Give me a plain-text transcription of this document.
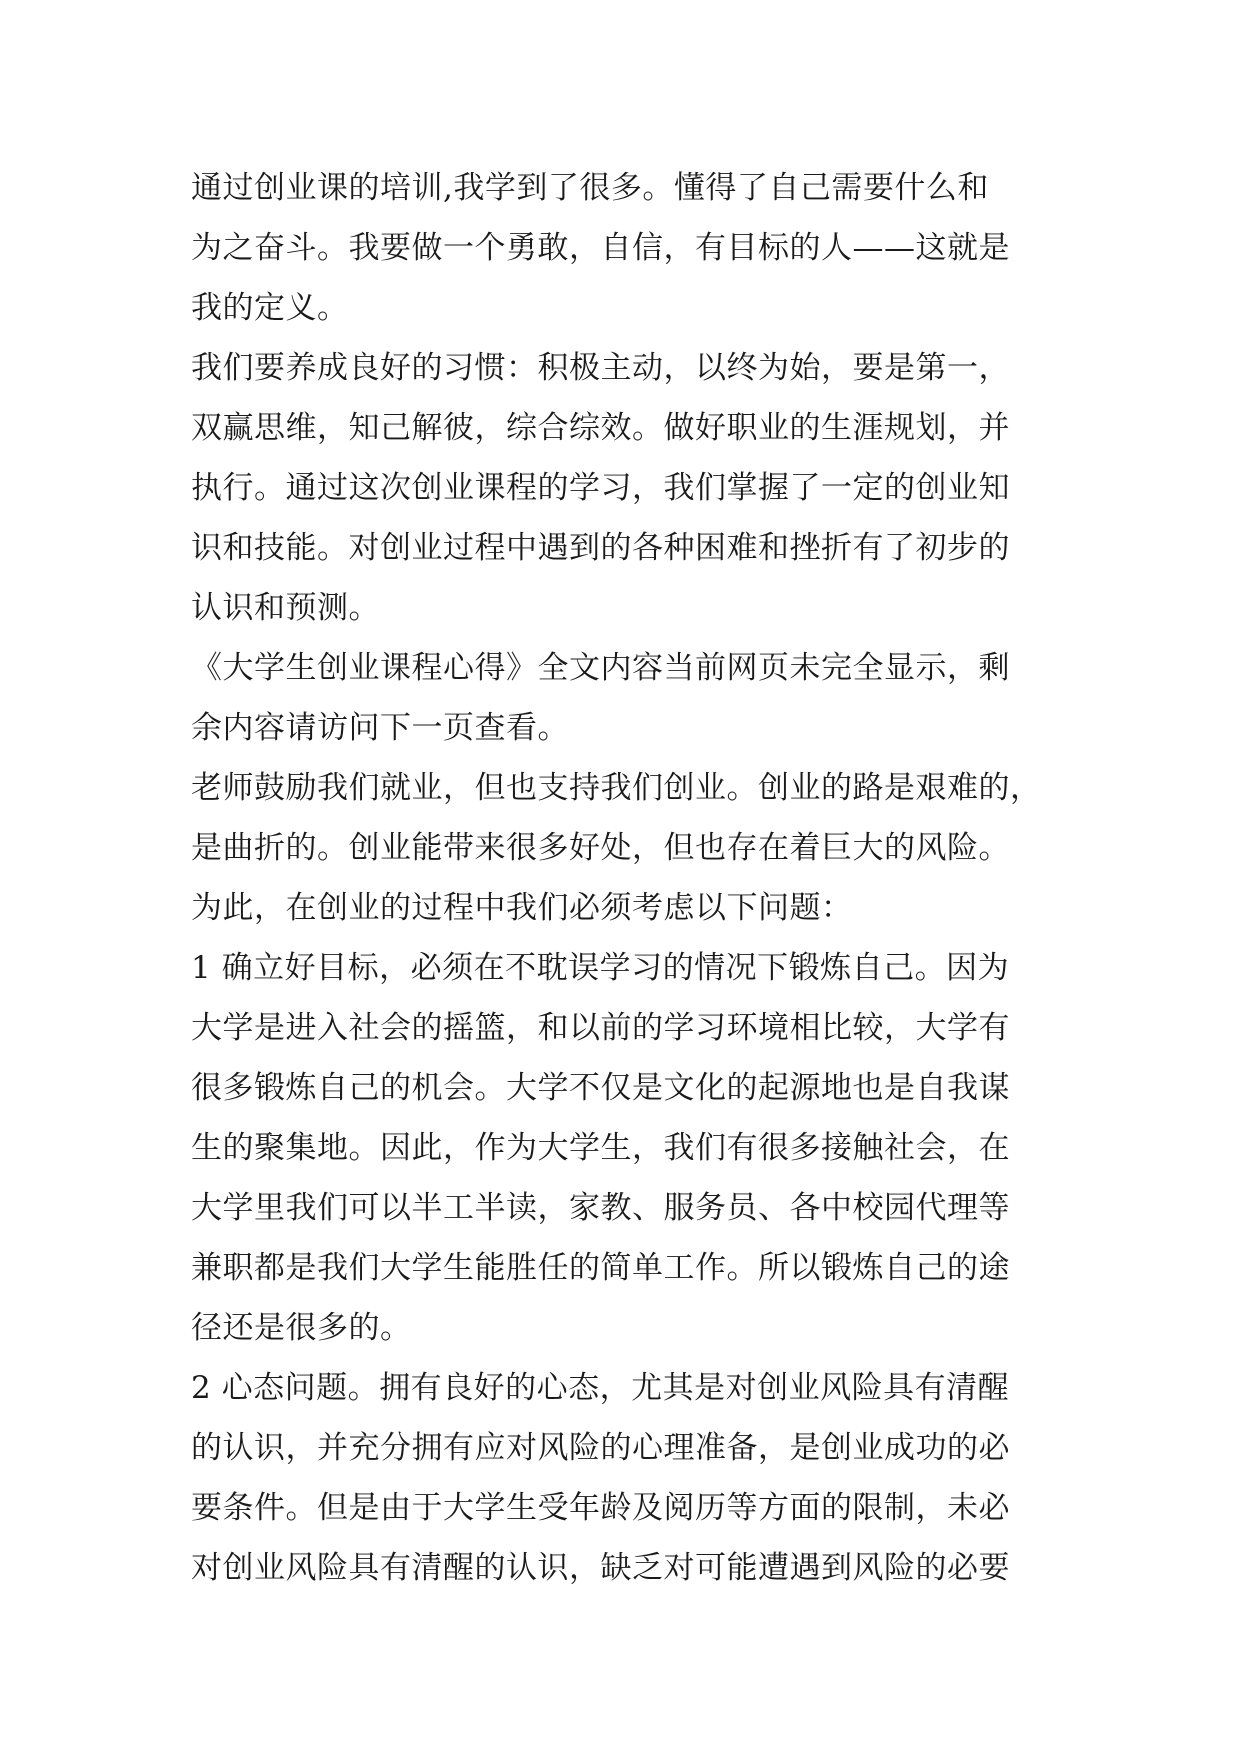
通过创业课的培训,我学到了很多。懂得了自己需要什么和
为之奋斗。我要做一个勇敢，自信，有目标的人——这就是
我的定义。
我们要养成良好的习惯：积极主动，以终为始，要是第一，
双赢思维，知己解彼，综合综效。做好职业的生涯规划，并
执行。通过这次创业课程的学习，我们掌握了一定的创业知
识和技能。对创业过程中遇到的各种困难和挫折有了初步的
认识和预测。
《大学生创业课程心得》全文内容当前网页未完全显示，剩
余内容请访问下一页查看。
老师鼓励我们就业，但也支持我们创业。创业的路是艰难的，
是曲折的。创业能带来很多好处，但也存在着巨大的风险。
为此，在创业的过程中我们必须考虑以下问题：
1 确立好目标，必须在不耽误学习的情况下锻炼自己。因为
大学是进入社会的摇篮，和以前的学习环境相比较，大学有
很多锻炼自己的机会。大学不仅是文化的起源地也是自我谋
生的聚集地。因此，作为大学生，我们有很多接触社会，在
大学里我们可以半工半读，家教、服务员、各中校园代理等
兼职都是我们大学生能胜任的简单工作。所以锻炼自己的途
径还是很多的。
2 心态问题。拥有良好的心态，尤其是对创业风险具有清醒
的认识，并充分拥有应对风险的心理准备，是创业成功的必
要条件。但是由于大学生受年龄及阅历等方面的限制，未必
对创业风险具有清醒的认识，缺乏对可能遭遇到风险的必要
